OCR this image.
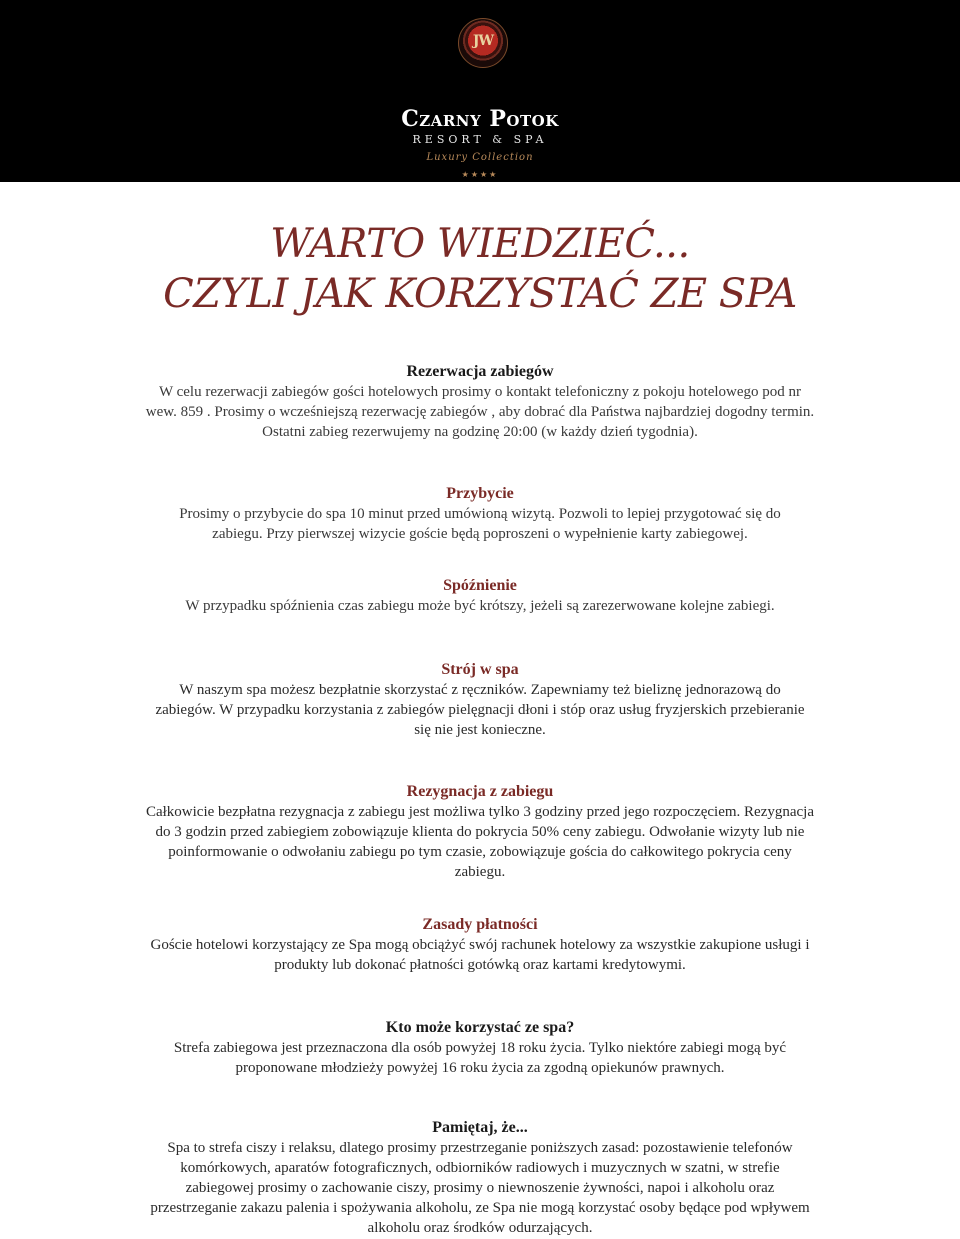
JW
Czarny Potok
RESORT & SPA
Luxury Collection
★★★★
WARTO WIEDZIEĆ...
CZYLI JAK KORZYSTAĆ ZE SPA
Rezerwacja zabiegów

W celu rezerwacji zabiegów gości hotelowych prosimy o kontakt telefoniczny z pokoju hotelowego pod nr

wew. 859 . Prosimy o wcześniejszą rezerwację zabiegów , aby dobrać dla Państwa najbardziej dogodny termin.

Ostatni zabieg rezerwujemy na godzinę 20:00 (w każdy dzień tygodnia).

Przybycie

Prosimy o przybycie do spa 10 minut przed umówioną wizytą. Pozwoli to lepiej przygotować się do

zabiegu. Przy pierwszej wizycie goście będą poproszeni o wypełnienie karty zabiegowej.

Spóźnienie

W przypadku spóźnienia czas zabiegu może być krótszy, jeżeli są zarezerwowane kolejne zabiegi.

Strój w spa

W naszym spa możesz bezpłatnie skorzystać z ręczników. Zapewniamy też bieliznę jednorazową do

zabiegów. W przypadku korzystania z zabiegów pielęgnacji dłoni i stóp oraz usług fryzjerskich przebieranie

się nie jest konieczne.

Rezygnacja z zabiegu

Całkowicie bezpłatna rezygnacja z zabiegu jest możliwa tylko 3 godziny przed jego rozpoczęciem. Rezygnacja

do 3 godzin przed zabiegiem zobowiązuje klienta do pokrycia 50% ceny zabiegu. Odwołanie wizyty lub nie

poinformowanie o odwołaniu zabiegu po tym czasie, zobowiązuje gościa do całkowitego pokrycia ceny

zabiegu.

Zasady płatności

Goście hotelowi korzystający ze Spa mogą obciążyć swój rachunek hotelowy za wszystkie zakupione usługi i

produkty lub dokonać płatności gotówką oraz kartami kredytowymi.

Kto może korzystać ze spa?

Strefa zabiegowa jest przeznaczona dla osób powyżej 18 roku życia. Tylko niektóre zabiegi mogą być

proponowane młodzieży powyżej 16 roku życia za zgodną opiekunów prawnych.

Pamiętaj, że...

Spa to strefa ciszy i relaksu, dlatego prosimy przestrzeganie poniższych zasad: pozostawienie telefonów

komórkowych, aparatów fotograficznych, odbiorników radiowych i muzycznych w szatni, w strefie

zabiegowej prosimy o zachowanie ciszy, prosimy o niewnoszenie żywności, napoi i alkoholu oraz

przestrzeganie zakazu palenia i spożywania alkoholu, ze Spa nie mogą korzystać osoby będące pod wpływem

alkoholu oraz środków odurzających.
